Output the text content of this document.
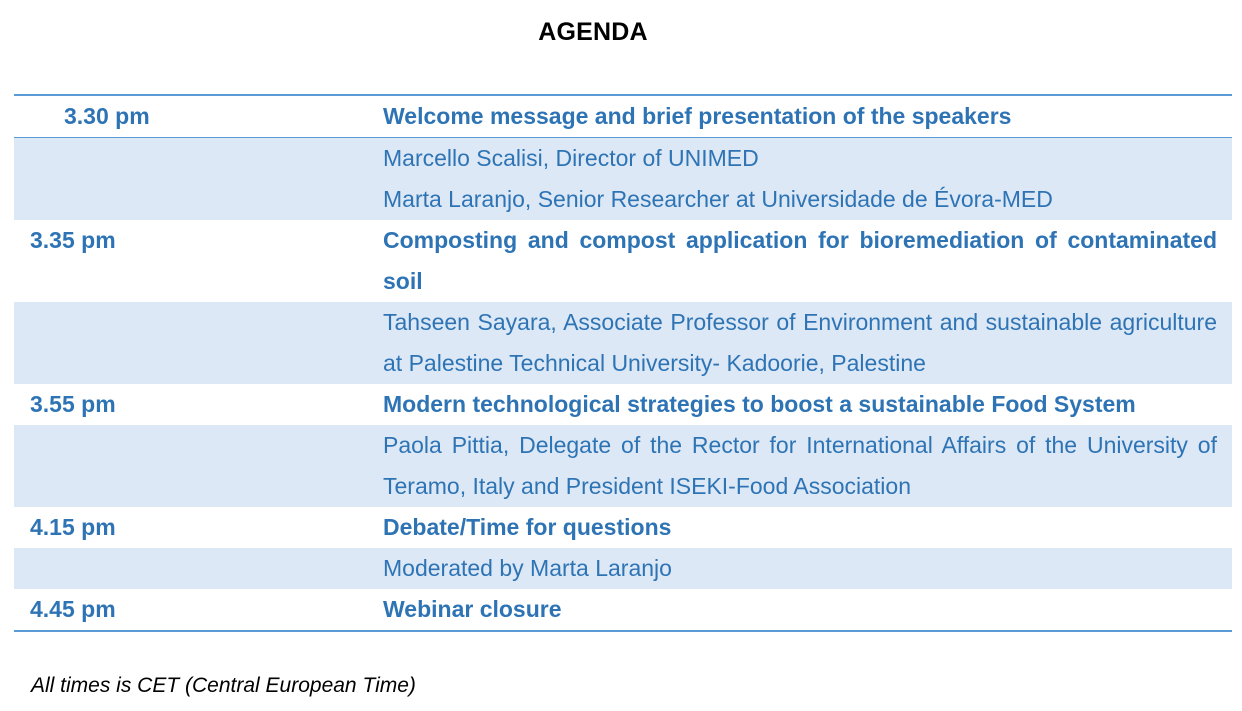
AGENDA
3.30 pm	Welcome message and brief presentation of the speakers
Marcello Scalisi, Director of UNIMED
Marta Laranjo, Senior Researcher at Universidade de Évora-MED
3.35 pm	Composting and compost application for bioremediation of contaminated soil
Tahseen Sayara, Associate Professor of Environment and sustainable agriculture at Palestine Technical University- Kadoorie, Palestine
3.55 pm	Modern technological strategies to boost a sustainable Food System
Paola Pittia, Delegate of the Rector for International Affairs of the University of Teramo, Italy and President ISEKI-Food Association
4.15 pm	Debate/Time for questions
Moderated by Marta Laranjo
4.45 pm	Webinar closure
All times is CET (Central European Time)
